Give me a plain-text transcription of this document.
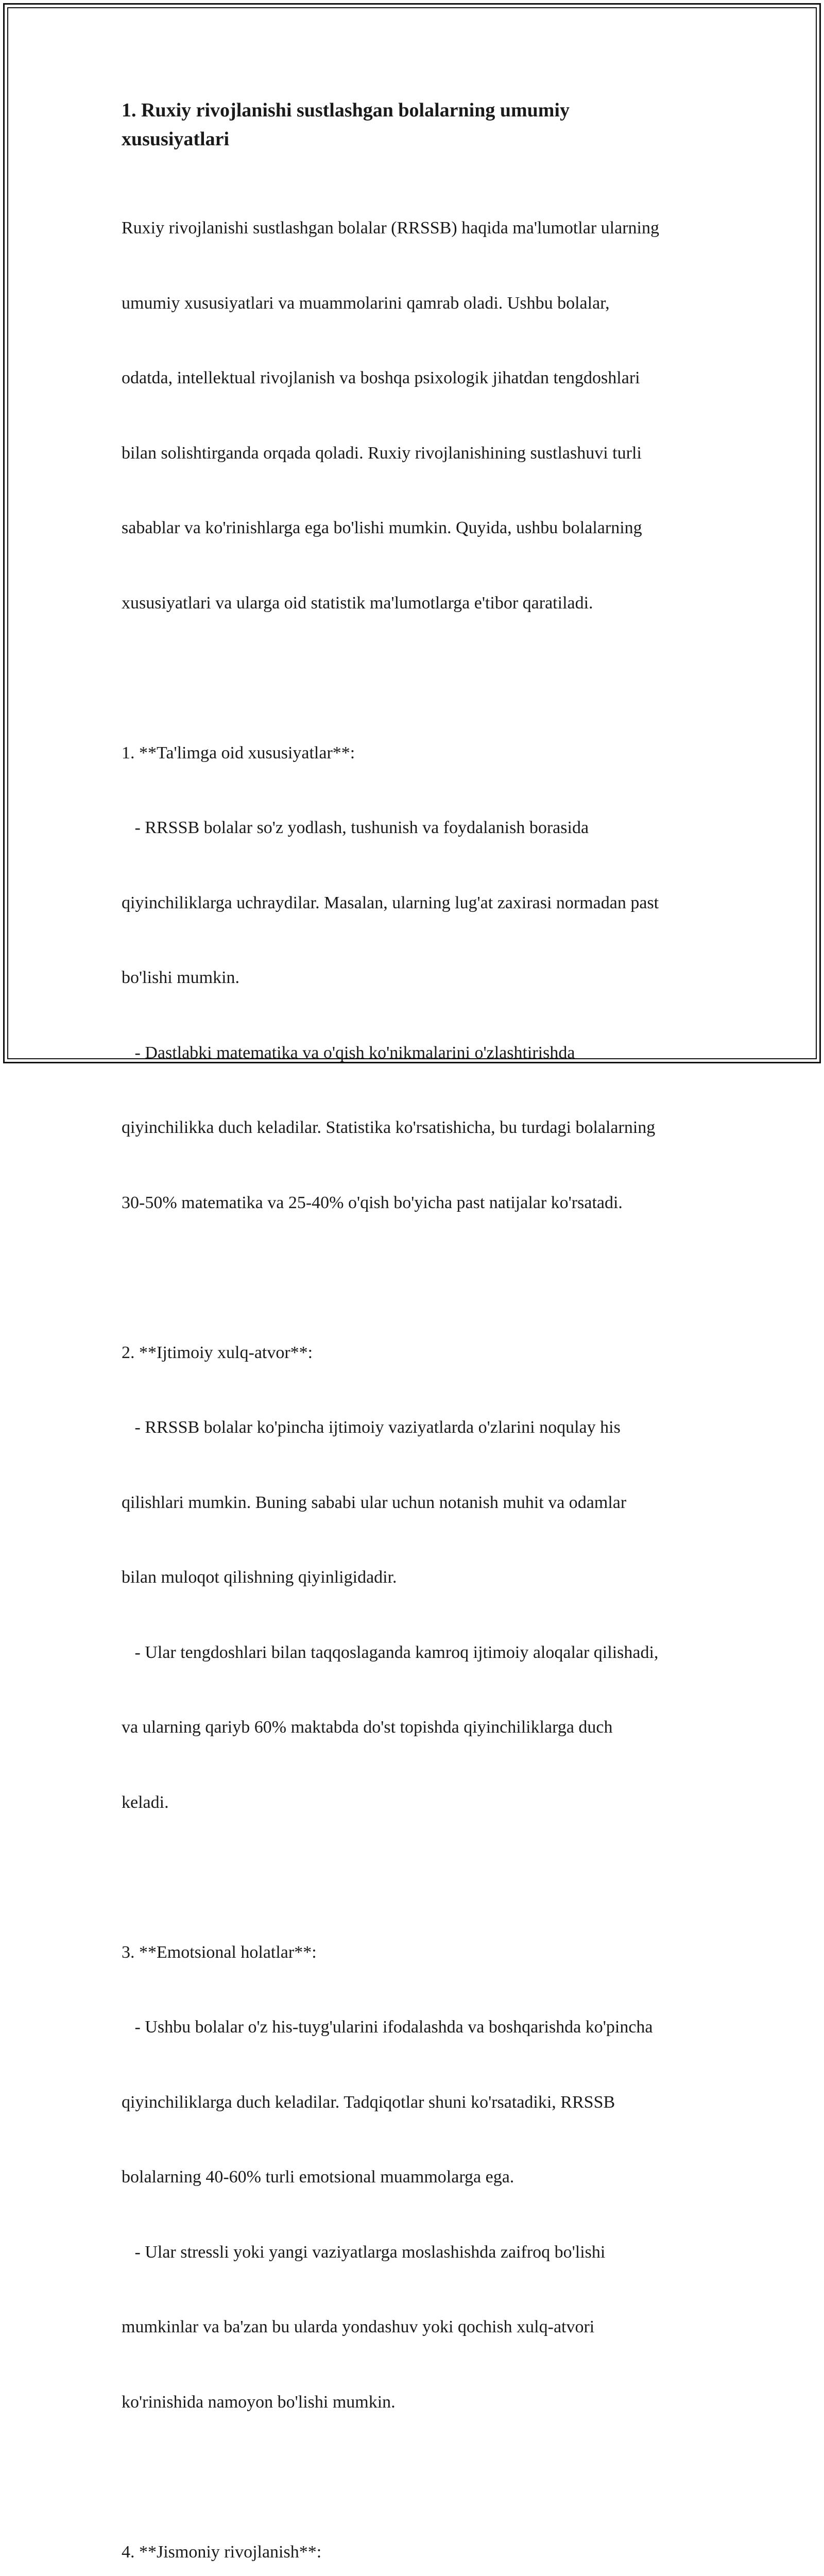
1. Ruxiy rivojlanishi sustlashgan bolalarning umumiy
xususiyatlari

Ruxiy rivojlanishi sustlashgan bolalar (RRSSB) haqida ma'lumotlar ularning

umumiy xususiyatlari va muammolarini qamrab oladi. Ushbu bolalar,

odatda, intellektual rivojlanish va boshqa psixologik jihatdan tengdoshlari

bilan solishtirganda orqada qoladi. Ruxiy rivojlanishining sustlashuvi turli

sabablar va ko'rinishlarga ega bo'lishi mumkin. Quyida, ushbu bolalarning

xususiyatlari va ularga oid statistik ma'lumotlarga e'tibor qaratiladi.

1. **Ta'limga oid xususiyatlar**:

- RRSSB bolalar so'z yodlash, tushunish va foydalanish borasida

qiyinchiliklarga uchraydilar. Masalan, ularning lug'at zaxirasi normadan past

bo'lishi mumkin.

- Dastlabki matematika va o'qish ko'nikmalarini o'zlashtirishda

qiyinchilikka duch keladilar. Statistika ko'rsatishicha, bu turdagi bolalarning

30-50% matematika va 25-40% o'qish bo'yicha past natijalar ko'rsatadi.

2. **Ijtimoiy xulq-atvor**:

- RRSSB bolalar ko'pincha ijtimoiy vaziyatlarda o'zlarini noqulay his

qilishlari mumkin. Buning sababi ular uchun notanish muhit va odamlar

bilan muloqot qilishning qiyinligidadir.

- Ular tengdoshlari bilan taqqoslaganda kamroq ijtimoiy aloqalar qilishadi,

va ularning qariyb 60% maktabda do'st topishda qiyinchiliklarga duch

keladi.

3. **Emotsional holatlar**:

- Ushbu bolalar o'z his-tuyg'ularini ifodalashda va boshqarishda ko'pincha

qiyinchiliklarga duch keladilar. Tadqiqotlar shuni ko'rsatadiki, RRSSB

bolalarning 40-60% turli emotsional muammolarga ega.

- Ular stressli yoki yangi vaziyatlarga moslashishda zaifroq bo'lishi

mumkinlar va ba'zan bu ularda yondashuv yoki qochish xulq-atvori

ko'rinishida namoyon bo'lishi mumkin.

4. **Jismoniy rivojlanish**:
